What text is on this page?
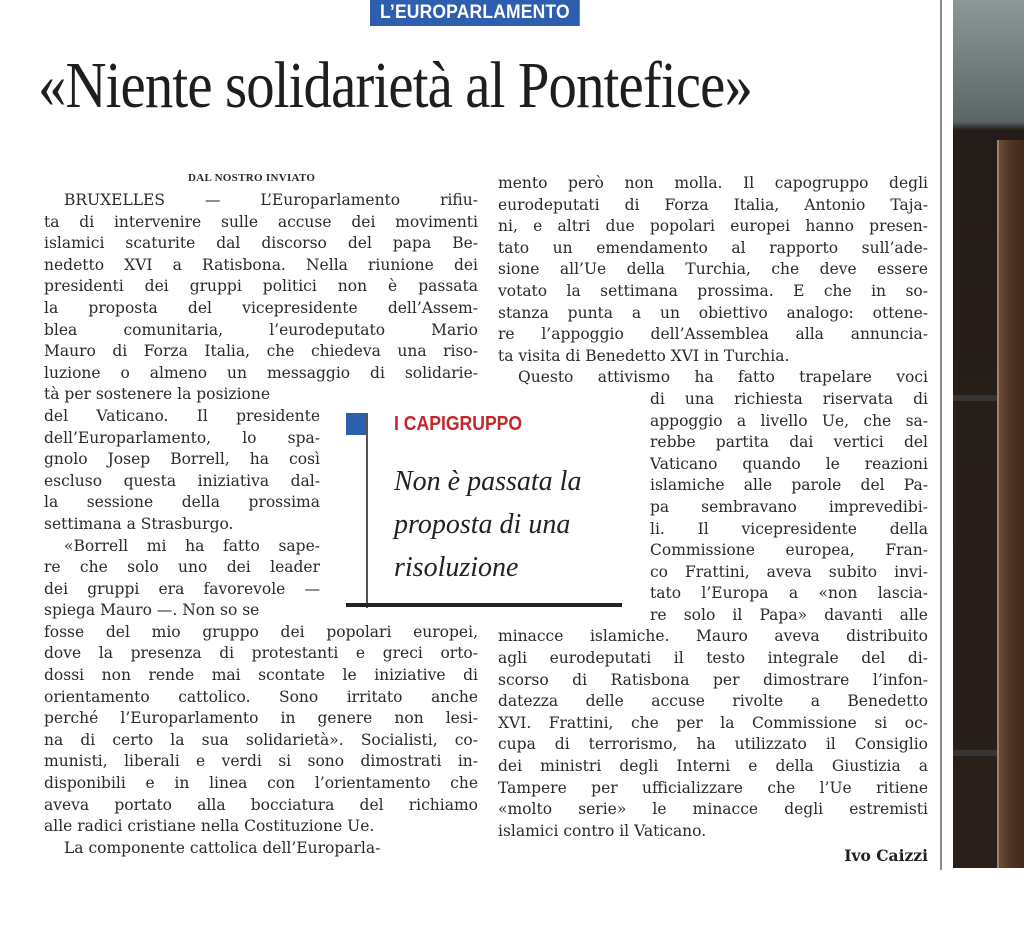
L’EUROPARLAMENTO
«Niente solidarietà al Pontefice»
DAL NOSTRO INVIATO
BRUXELLES — L’Europarlamento rifiu-
ta di intervenire sulle accuse dei movimenti
islamici scaturite dal discorso del papa Be-
nedetto XVI a Ratisbona. Nella riunione dei
presidenti dei gruppi politici non è passata
la proposta del vicepresidente dell’Assem-
blea comunitaria, l’eurodeputato Mario
Mauro di Forza Italia, che chiedeva una riso-
luzione o almeno un messaggio di solidarie-
tà per sostenere la posizione
del Vaticano. Il presidente
dell’Europarlamento, lo spa-
gnolo Josep Borrell, ha così
escluso questa iniziativa dal-
la sessione della prossima
settimana a Strasburgo.
«Borrell mi ha fatto sape-
re che solo uno dei leader
dei gruppi era favorevole —
spiega Mauro —. Non so se
fosse del mio gruppo dei popolari europei,
dove la presenza di protestanti e greci orto-
dossi non rende mai scontate le iniziative di
orientamento cattolico. Sono irritato anche
perché l’Europarlamento in genere non lesi-
na di certo la sua solidarietà». Socialisti, co-
munisti, liberali e verdi si sono dimostrati in-
disponibili e in linea con l’orientamento che
aveva portato alla bocciatura del richiamo
alle radici cristiane nella Costituzione Ue.
La componente cattolica dell’Europarla-
mento però non molla. Il capogruppo degli
eurodeputati di Forza Italia, Antonio Taja-
ni, e altri due popolari europei hanno presen-
tato un emendamento al rapporto sull’ade-
sione all’Ue della Turchia, che deve essere
votato la settimana prossima. E che in so-
stanza punta a un obiettivo analogo: ottene-
re l’appoggio dell’Assemblea alla annuncia-
ta visita di Benedetto XVI in Turchia.
Questo attivismo ha fatto trapelare voci
di una richiesta riservata di
appoggio a livello Ue, che sa-
rebbe partita dai vertici del
Vaticano quando le reazioni
islamiche alle parole del Pa-
pa sembravano imprevedibi-
li. Il vicepresidente della
Commissione europea, Fran-
co Frattini, aveva subito invi-
tato l’Europa a «non lascia-
re solo il Papa» davanti alle
minacce islamiche. Mauro aveva distribuito
agli eurodeputati il testo integrale del di-
scorso di Ratisbona per dimostrare l’infon-
datezza delle accuse rivolte a Benedetto
XVI. Frattini, che per la Commissione si oc-
cupa di terrorismo, ha utilizzato il Consiglio
dei ministri degli Interni e della Giustizia a
Tampere per ufficializzare che l’Ue ritiene
«molto serie» le minacce degli estremisti
islamici contro il Vaticano.
I CAPIGRUPPO
Non è passata la
proposta di una
risoluzione
Ivo Caizzi
